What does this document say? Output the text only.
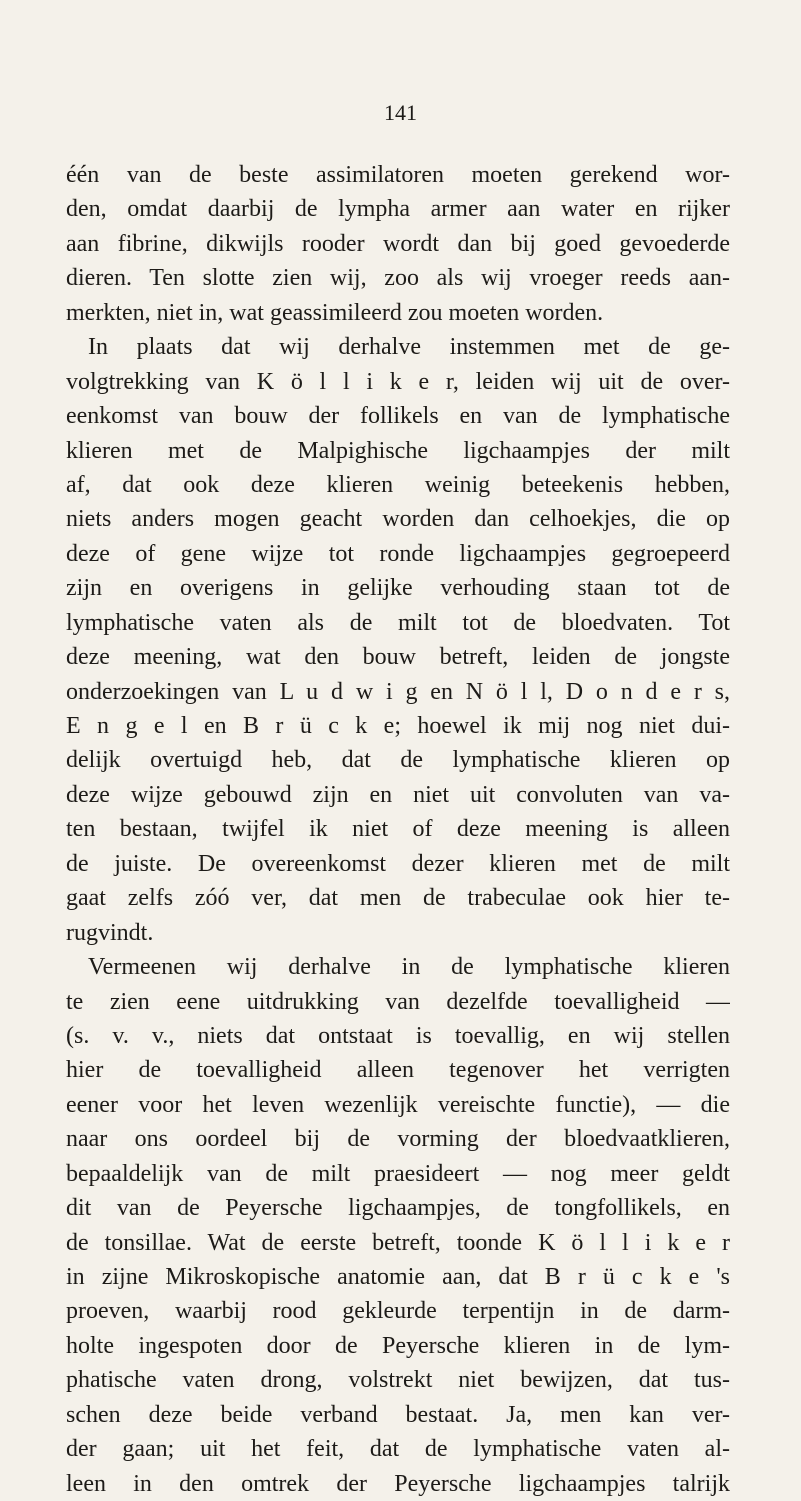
141
één van de beste assimilatoren moeten gerekend wor-
den, omdat daarbij de lympha armer aan water en rijker
aan fibrine, dikwijls rooder wordt dan bij goed gevoederde
dieren. Ten slotte zien wij, zoo als wij vroeger reeds aan-
merkten, niet in, wat geassimileerd zou moeten worden.
In plaats dat wij derhalve instemmen met de ge-
volgtrekking van K ö l l i k e r, leiden wij uit de over-
eenkomst van bouw der follikels en van de lymphatische
klieren met de Malpighische ligchaampjes der milt
af, dat ook deze klieren weinig beteekenis hebben,
niets anders mogen geacht worden dan celhoekjes, die op
deze of gene wijze tot ronde ligchaampjes gegroepeerd
zijn en overigens in gelijke verhouding staan tot de
lymphatische vaten als de milt tot de bloedvaten. Tot
deze meening, wat den bouw betreft, leiden de jongste
onderzoekingen van L u d w i g en N ö l l, D o n d e r s,
E n g e l en B r ü c k e; hoewel ik mij nog niet dui-
delijk overtuigd heb, dat de lymphatische klieren op
deze wijze gebouwd zijn en niet uit convoluten van va-
ten bestaan, twijfel ik niet of deze meening is alleen
de juiste. De overeenkomst dezer klieren met de milt
gaat zelfs zóó ver, dat men de trabeculae ook hier te-
rugvindt.
Vermeenen wij derhalve in de lymphatische klieren
te zien eene uitdrukking van dezelfde toevalligheid —
(s. v. v., niets dat ontstaat is toevallig, en wij stellen
hier de toevalligheid alleen tegenover het verrigten
eener voor het leven wezenlijk vereischte functie), — die
naar ons oordeel bij de vorming der bloedvaatklieren,
bepaaldelijk van de milt praesideert — nog meer geldt
dit van de Peyersche ligchaampjes, de tongfollikels, en
de tonsillae. Wat de eerste betreft, toonde K ö l l i k e r
in zijne Mikroskopische anatomie aan, dat B r ü c k e 's
proeven, waarbij rood gekleurde terpentijn in de darm-
holte ingespoten door de Peyersche klieren in de lym-
phatische vaten drong, volstrekt niet bewijzen, dat tus-
schen deze beide verband bestaat. Ja, men kan ver-
der gaan; uit het feit, dat de lymphatische vaten al-
leen in den omtrek der Peyersche ligchaampjes talrijk
